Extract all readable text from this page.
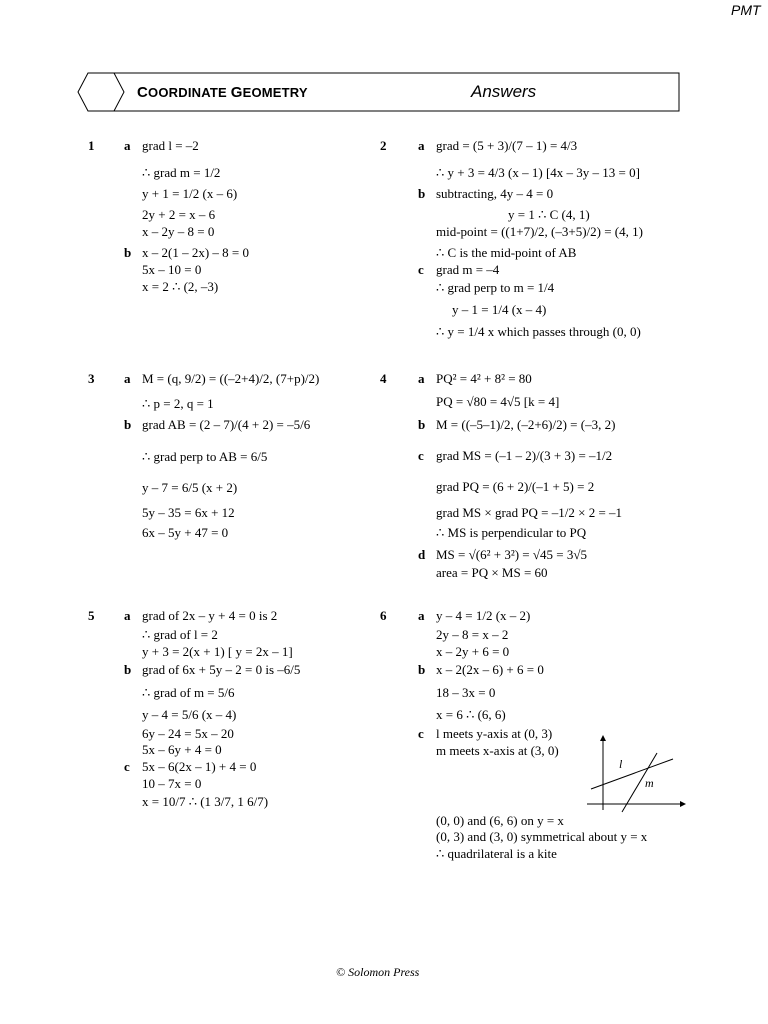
PMT
COORDINATE GEOMETRY	Answers
1	2
3	4
5	6
a
b
a
b
c
a
b
a
b
c
d
a
b
c
a
b
c
grad l = –2
∴ grad m = 1/2
y + 1 = 1/2 (x – 6)
2y + 2 = x – 6
x – 2y – 8 = 0
x – 2(1 – 2x) – 8 = 0
5x – 10 = 0
x = 2 ∴ (2, –3)
grad = (5 + 3)/(7 – 1) = 4/3
∴ y + 3 = 4/3 (x – 1) [4x – 3y – 13 = 0]
subtracting, 4y – 4 = 0
y = 1 ∴ C (4, 1)
mid-point = ((1+7)/2, (–3+5)/2) = (4, 1)
∴ C is the mid-point of AB
grad m = –4
∴ grad perp to m = 1/4
y – 1 = 1/4 (x – 4)
∴ y = 1/4 x which passes through (0, 0)
M = (q, 9/2) = ((–2+4)/2, (7+p)/2)
∴ p = 2, q = 1
grad AB = (2 – 7)/(4 + 2) = –5/6
∴ grad perp to AB = 6/5
y – 7 = 6/5 (x + 2)
5y – 35 = 6x + 12
6x – 5y + 47 = 0
PQ² = 4² + 8² = 80
PQ = √80 = 4√5 [k = 4]
M = ((–5–1)/2, (–2+6)/2) = (–3, 2)
grad MS = (–1 – 2)/(3 + 3) = –1/2
grad PQ = (6 + 2)/(–1 + 5) = 2
grad MS × grad PQ = –1/2 × 2 = –1
∴ MS is perpendicular to PQ
MS = √(6² + 3²) = √45 = 3√5
area = PQ × MS = 60
grad of 2x – y + 4 = 0 is 2
∴ grad of l = 2
y + 3 = 2(x + 1) [ y = 2x – 1]
grad of 6x + 5y – 2 = 0 is –6/5
∴ grad of m = 5/6
y – 4 = 5/6 (x – 4)
6y – 24 = 5x – 20
5x – 6y + 4 = 0
5x – 6(2x – 1) + 4 = 0
10 – 7x = 0
x = 10/7 ∴ (1 3/7, 1 6/7)
y – 4 = 1/2 (x – 2)
2y – 8 = x – 2
x – 2y + 6 = 0
x – 2(2x – 6) + 6 = 0
18 – 3x = 0
x = 6 ∴ (6, 6)
l meets y-axis at (0, 3)
m meets x-axis at (3, 0)
(0, 0) and (6, 6) on y = x
(0, 3) and (3, 0) symmetrical about y = x
∴ quadrilateral is a kite
l
m
© Solomon Press
